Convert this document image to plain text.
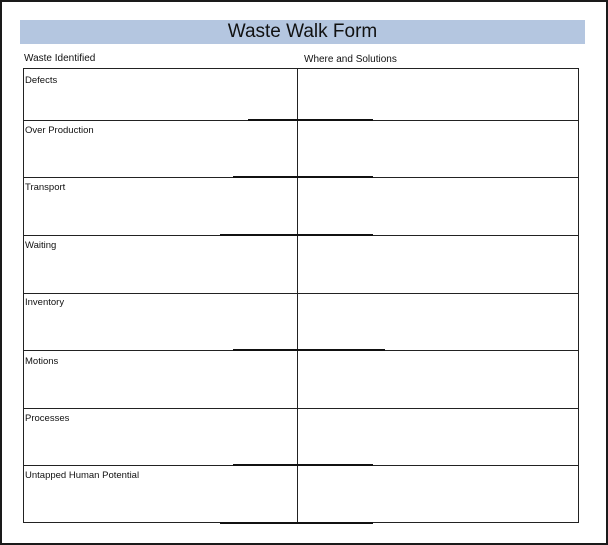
Waste Walk Form
Waste Identified	Where and Solutions
Defects
Over Production
Transport
Waiting
Inventory
Motions
Processes
Untapped Human Potential
